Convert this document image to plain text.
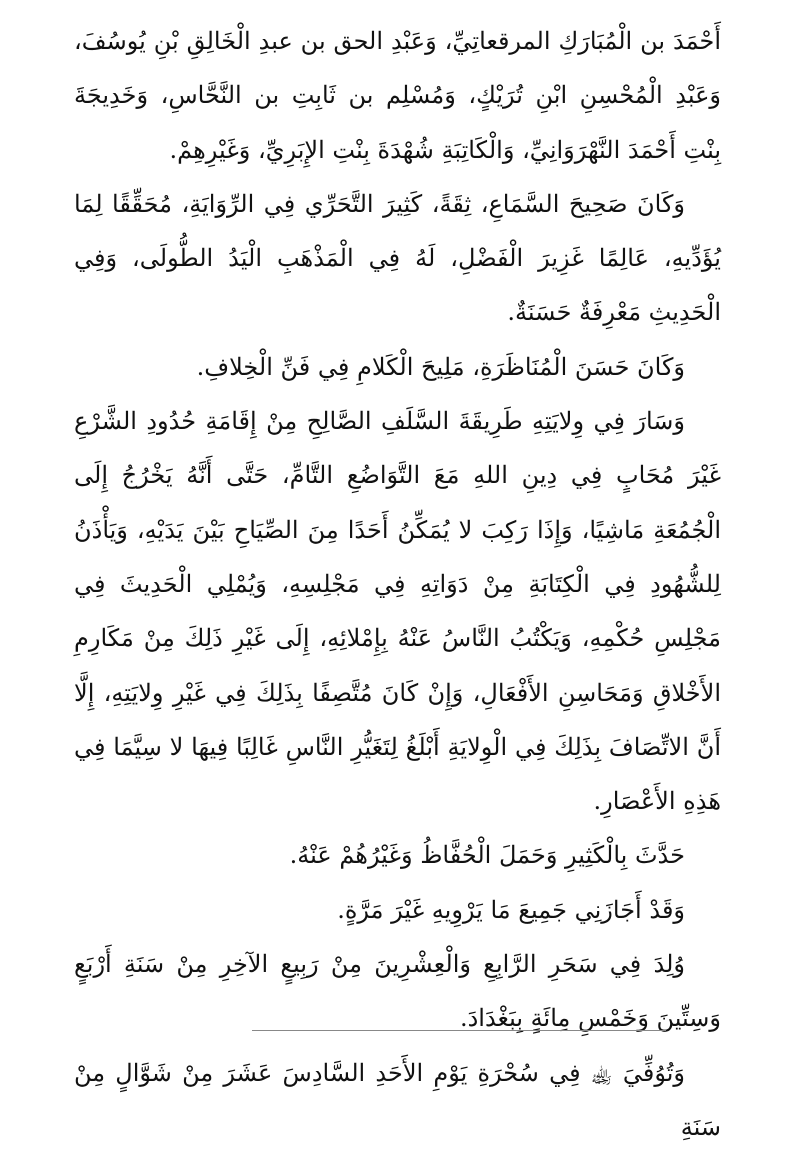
أَحْمَدَ بن الْمُبَارَكِ المرقعاتِيِّ، وَعَبْدِ الحق بن عبدِ الْخَالِقِ بْنِ يُوسُفَ، وَعَبْدِ الْمُحْسِنِ ابْنِ تُرَيْكٍ، وَمُسْلِم بن ثَابِتِ بن النَّحَّاسِ، وَخَدِيجَةَ بِنْتِ أَحْمَدَ النَّهْرَوَانِيِّ، وَالْكَاتِبَةِ شُهْدَةَ بِنْتِ الإِبَرِيِّ، وَغَيْرِهِمْ.

وَكَانَ صَحِيحَ السَّمَاعِ، ثِقَةً، كَثِيرَ التَّحَرِّي فِي الرِّوَايَةِ، مُحَقِّقًا لِمَا يُؤَدِّيهِ، عَالِمًا غَزِيرَ الْفَضْلِ، لَهُ فِي الْمَذْهَبِ الْيَدُ الطُّولَى، وَفِي الْحَدِيثِ مَعْرِفَةٌ حَسَنَةٌ.

وَكَانَ حَسَنَ الْمُنَاظَرَةِ، مَلِيحَ الْكَلامِ فِي فَنِّ الْخِلافِ.

وَسَارَ فِي وِلايَتِهِ طَرِيقَةَ السَّلَفِ الصَّالِحِ مِنْ إِقَامَةِ حُدُودِ الشَّرْعِ غَيْرَ مُحَابٍ فِي دِينِ اللهِ مَعَ التَّوَاضُعِ التَّامِّ، حَتَّى أَنَّهُ يَخْرُجُ إِلَى الْجُمُعَةِ مَاشِيًا، وَإِذَا رَكِبَ لا يُمَكِّنُ أَحَدًا مِنَ الصِّيَاحِ بَيْنَ يَدَيْهِ، وَيَأْذَنُ لِلشُّهُودِ فِي الْكِتَابَةِ مِنْ دَوَاتِهِ فِي مَجْلِسِهِ، وَيُمْلِي الْحَدِيثَ فِي مَجْلِسِ حُكْمِهِ، وَيَكْتُبُ النَّاسُ عَنْهُ بِإِمْلائِهِ، إِلَى غَيْرِ ذَلِكَ مِنْ مَكَارِمِ الأَخْلاقِ وَمَحَاسِنِ الأَفْعَالِ، وَإِنْ كَانَ مُتَّصِفًا بِذَلِكَ فِي غَيْرِ وِلايَتِهِ، إِلَّا أَنَّ الاتِّصَافَ بِذَلِكَ فِي الْوِلايَةِ أَبْلَغُ لِتَغَيُّرِ النَّاسِ غَالِبًا فِيهَا لا سِيَّمَا فِي هَذِهِ الأَعْصَارِ.

حَدَّثَ بِالْكَثِيرِ وَحَمَلَ الْحُفَّاظُ وَغَيْرُهُمْ عَنْهُ.

وَقَدْ أَجَازَنِي جَمِيعَ مَا يَرْوِيهِ غَيْرَ مَرَّةٍ.

وُلِدَ فِي سَحَرِ الرَّابِعِ وَالْعِشْرِينَ مِنْ رَبِيعٍ الآخِرِ مِنْ سَنَةِ أَرْبَعٍ وَسِتِّينَ وَخَمْسِ مِائَةٍ بِبَغْدَادَ.

وَتُوُفِّيَ ﵀ فِي سُحْرَةِ يَوْمِ الأَحَدِ السَّادِسَ عَشَرَ مِنْ شَوَّالٍ مِنْ سَنَةِ
